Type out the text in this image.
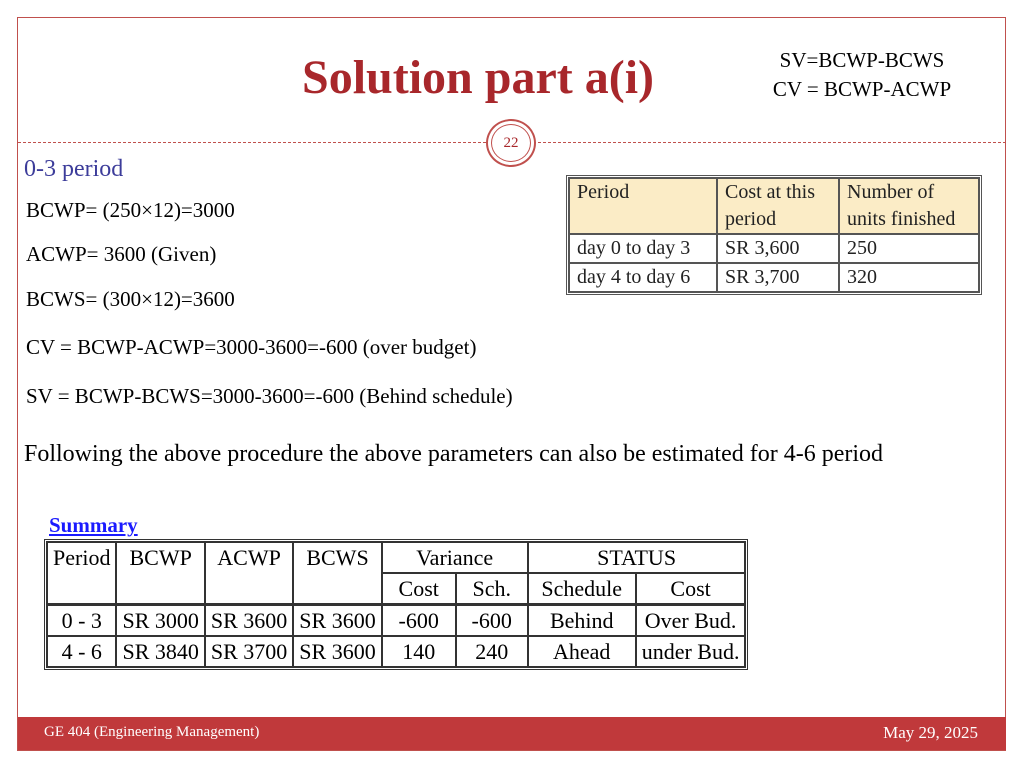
Solution part a(i)	SV=BCWP-BCWS
CV = BCWP-ACWP
22
0-3 period
BCWP= (250×12)=3000
ACWP= 3600 (Given)
BCWS= (300×12)=3600
CV = BCWP-ACWP=3000-3600=-600 (over budget)
SV = BCWP-BCWS=3000-3600=-600 (Behind schedule)
Period	Cost at this period	Number of units finished
day 0 to day 3	SR 3,600	250
day 4 to day 6	SR 3,700	320
Following the above procedure the above parameters can also be estimated for 4-6 period
Summary
Period	BCWP	ACWP	BCWS	Variance		STATUS	
				Cost	Sch.	Schedule	Cost
0 - 3	SR 3000	SR 3600	SR 3600	-600	-600	Behind	Over Bud.
4 - 6	SR 3840	SR 3700	SR 3600	140	240	Ahead	under Bud.
GE 404 (Engineering Management)	May 29, 2025
